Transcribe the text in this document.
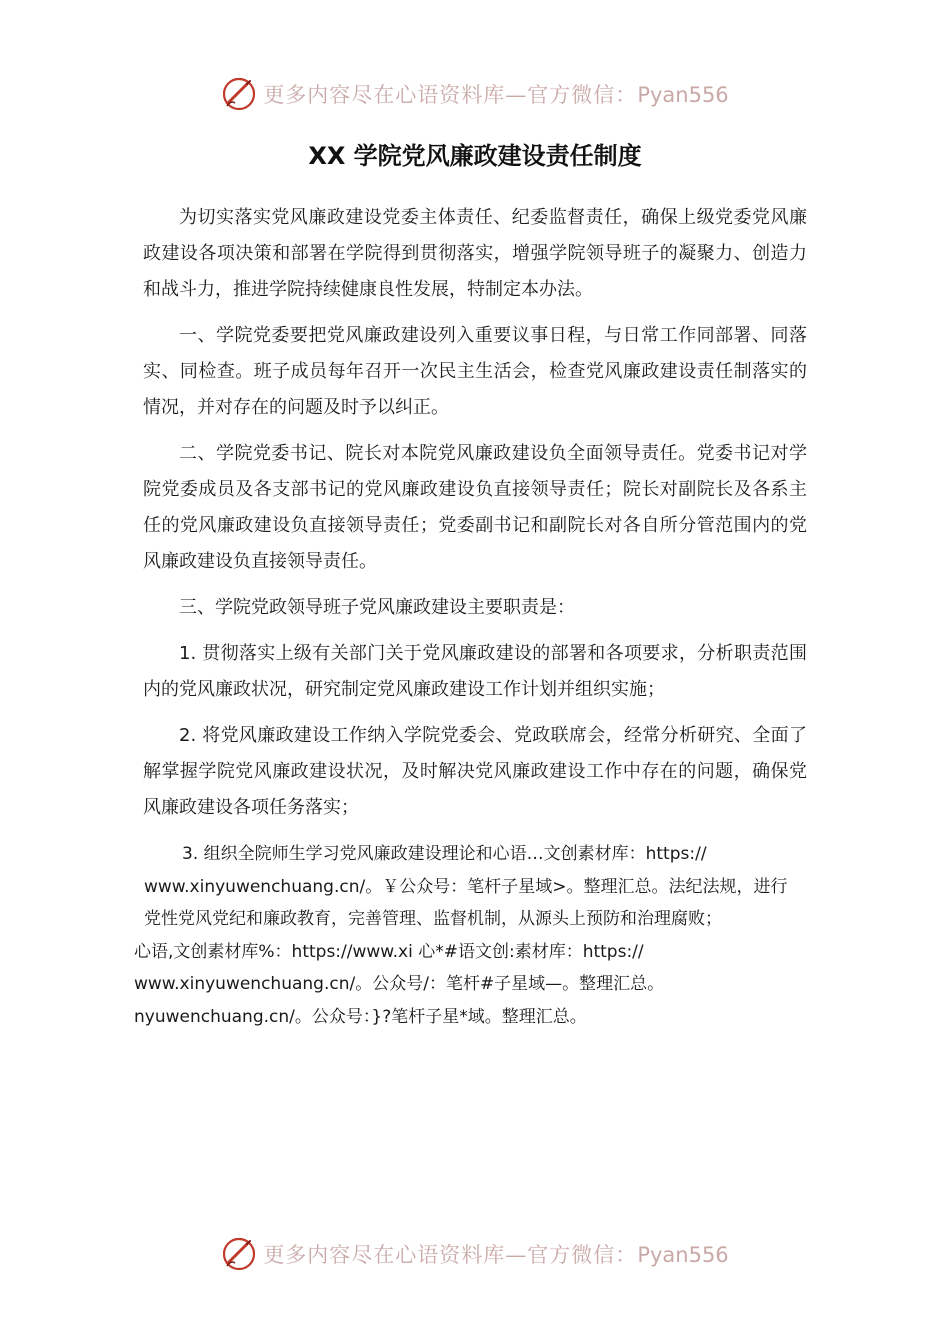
更多内容尽在心语资料库—官方微信：Pyan556
XX 学院党风廉政建设责任制度

为切实落实党风廉政建设党委主体责任、纪委监督责任，确保上级党委党风廉政建设各项决策和部署在学院得到贯彻落实，增强学院领导班子的凝聚力、创造力和战斗力，推进学院持续健康良性发展，特制定本办法。

一、学院党委要把党风廉政建设列入重要议事日程，与日常工作同部署、同落实、同检查。班子成员每年召开一次民主生活会，检查党风廉政建设责任制落实的情况，并对存在的问题及时予以纠正。

二、学院党委书记、院长对本院党风廉政建设负全面领导责任。党委书记对学院党委成员及各支部书记的党风廉政建设负直接领导责任；院长对副院长及各系主任的党风廉政建设负直接领导责任；党委副书记和副院长对各自所分管范围内的党风廉政建设负直接领导责任。

三、学院党政领导班子党风廉政建设主要职责是：

1. 贯彻落实上级有关部门关于党风廉政建设的部署和各项要求，分析职责范围内的党风廉政状况，研究制定党风廉政建设工作计划并组织实施；

2. 将党风廉政建设工作纳入学院党委会、党政联席会，经常分析研究、全面了解掌握学院党风廉政建设状况，及时解决党风廉政建设工作中存在的问题，确保党风廉政建设各项任务落实；

3. 组织全院师生学习党风廉政建设理论和心语…文创素材库：https://

www.xinyuwenchuang.cn/。￥公众号：笔杆子星域>。整理汇总。法纪法规，进行

党性党风党纪和廉政教育，完善管理、监督机制，从源头上预防和治理腐败；

心语,文创素材库%：https://www.xi 心*#语文创:素材库：https://

www.xinyuwenchuang.cn/。公众号/：笔杆#子星域—。整理汇总。

nyuwenchuang.cn/。公众号：}?笔杆子星*域。整理汇总。

更多内容尽在心语资料库—官方微信：Pyan556
